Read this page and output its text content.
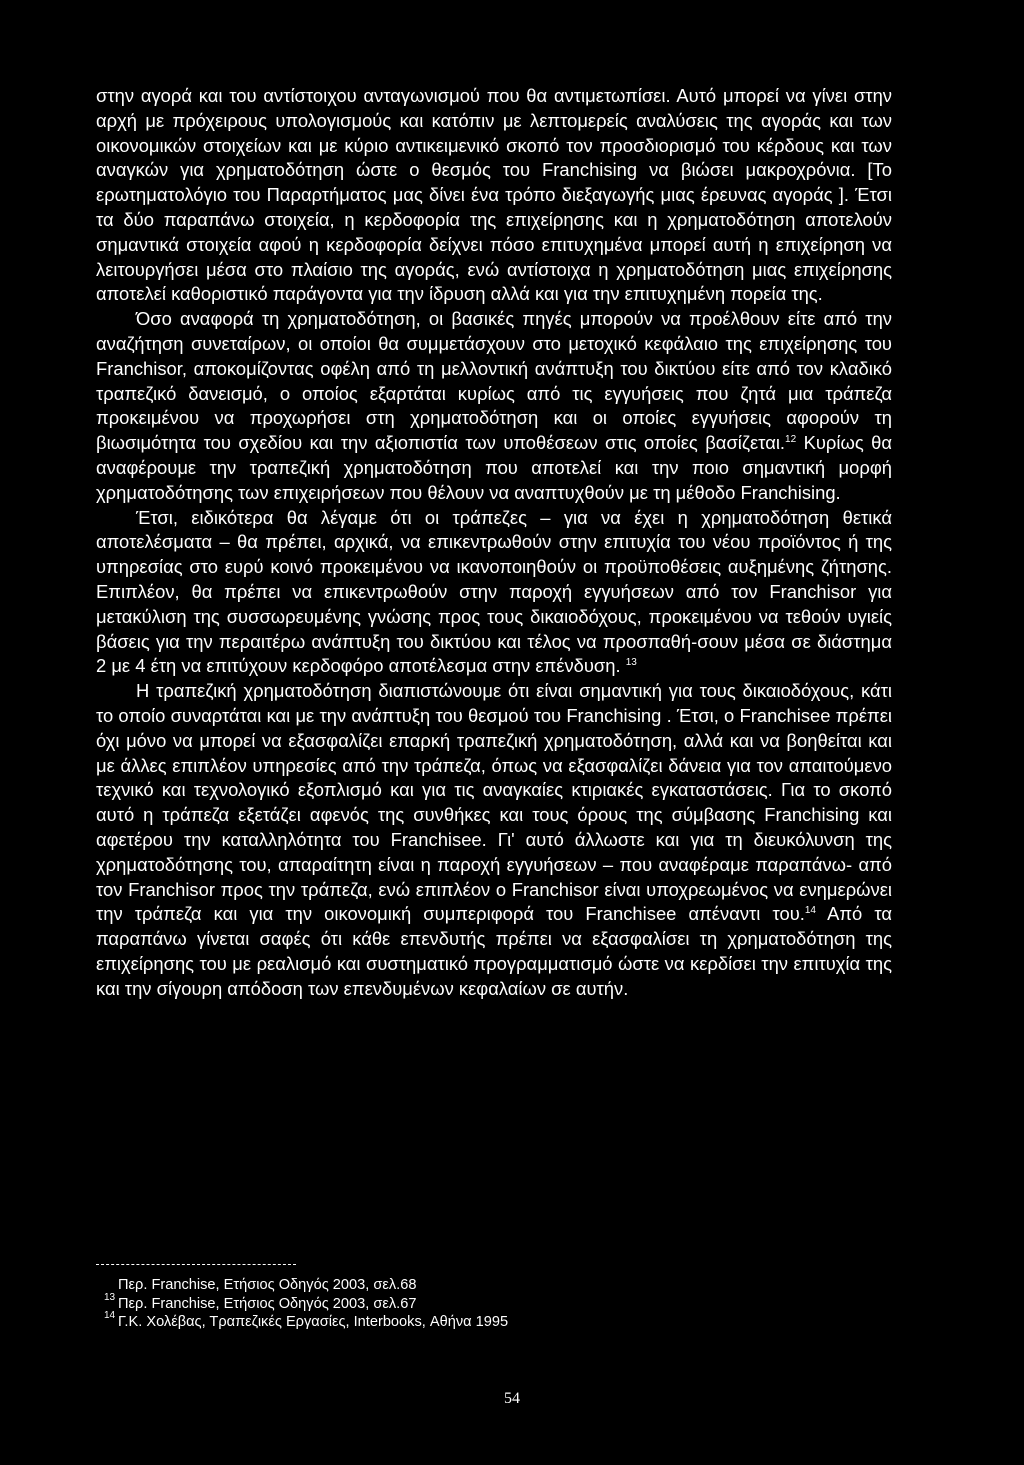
στην αγορά και του αντίστοιχου ανταγωνισμού που θα αντιμετωπίσει. Αυτό μπορεί να γίνει στην αρχή με πρόχειρους υπολογισμούς και κατόπιν με λεπτομερείς αναλύσεις της αγοράς και των οικονομικών στοιχείων και με κύριο αντικειμενικό σκοπό τον προσδιορισμό του κέρδους και των αναγκών για χρηματοδότηση ώστε ο θεσμός του Franchising να βιώσει μακροχρόνια. [Το ερωτηματολόγιο του Παραρτήματος μας δίνει ένα τρόπο διεξαγωγής μιας έρευνας αγοράς ]. Έτσι τα δύο παραπάνω στοιχεία, η κερδοφορία της επιχείρησης και η χρηματοδότηση αποτελούν σημαντικά στοιχεία αφού η κερδοφορία δείχνει πόσο επιτυχημένα μπορεί αυτή η επιχείρηση να λειτουργήσει μέσα στο πλαίσιο της αγοράς, ενώ αντίστοιχα η χρηματοδότηση μιας επιχείρησης αποτελεί καθοριστικό παράγοντα για την ίδρυση αλλά και για την επιτυχημένη πορεία της.

Όσο αναφορά τη χρηματοδότηση, οι βασικές πηγές μπορούν να προέλθουν είτε από την αναζήτηση συνεταίρων, οι οποίοι θα συμμετάσχουν στο μετοχικό κεφάλαιο της επιχείρησης του Franchisor, αποκομίζοντας οφέλη από τη μελλοντική ανάπτυξη του δικτύου είτε από τον κλαδικό τραπεζικό δανεισμό, ο οποίος εξαρτάται κυρίως από τις εγγυήσεις που ζητά μια τράπεζα προκειμένου να προχωρήσει στη χρηματοδότηση και οι οποίες εγγυήσεις αφορούν τη βιωσιμότητα του σχεδίου και την αξιοπιστία των υποθέσεων στις οποίες βασίζεται.$^{12}$ Κυρίως θα αναφέρουμε την τραπεζική χρηματοδότηση που αποτελεί και την ποιο σημαντική μορφή χρηματοδότησης των επιχειρήσεων που θέλουν να αναπτυχθούν με τη μέθοδο Franchising.

Έτσι, ειδικότερα θα λέγαμε ότι οι τράπεζες – για να έχει η χρηματοδότηση θετικά αποτελέσματα – θα πρέπει, αρχικά, να επικεντρωθούν στην επιτυχία του νέου προϊόντος ή της υπηρεσίας στο ευρύ κοινό προκειμένου να ικανοποιηθούν οι προϋποθέσεις αυξημένης ζήτησης. Επιπλέον, θα πρέπει να επικεντρωθούν στην παροχή εγγυήσεων από τον Franchisor για μετακύλιση της συσσωρευμένης γνώσης προς τους δικαιοδόχους, προκειμένου να τεθούν υγιείς βάσεις για την περαιτέρω ανάπτυξη του δικτύου και τέλος να προσπαθή-σουν μέσα σε διάστημα 2 με 4 έτη να επιτύχουν κερδοφόρο αποτέλεσμα στην επένδυση. $^{13}$

Η τραπεζική χρηματοδότηση διαπιστώνουμε ότι είναι σημαντική για τους δικαιοδόχους, κάτι το οποίο συναρτάται και με την ανάπτυξη του θεσμού του Franchising . Έτσι, ο Franchisee πρέπει όχι μόνο να μπορεί να εξασφαλίζει επαρκή τραπεζική χρηματοδότηση, αλλά και να βοηθείται και με άλλες επιπλέον υπηρεσίες από την τράπεζα, όπως να εξασφαλίζει δάνεια για τον απαιτούμενο τεχνικό και τεχνολογικό εξοπλισμό και για τις αναγκαίες κτιριακές εγκαταστάσεις. Για το σκοπό αυτό η τράπεζα εξετάζει αφενός της συνθήκες και τους όρους της σύμβασης Franchising και αφετέρου την καταλληλότητα του Franchisee. Γι' αυτό άλλωστε και για τη διευκόλυνση της χρηματοδότησης του, απαραίτητη είναι η παροχή εγγυήσεων – που αναφέραμε παραπάνω- από τον Franchisor προς την τράπεζα, ενώ επιπλέον ο Franchisor είναι υποχρεωμένος να ενημερώνει την τράπεζα και για την οικονομική συμπεριφορά του Franchisee απέναντι του.$^{14}$ Από τα παραπάνω γίνεται σαφές ότι κάθε επενδυτής πρέπει να εξασφαλίσει τη χρηματοδότηση της επιχείρησης του με ρεαλισμό και συστηματικό προγραμματισμό ώστε να κερδίσει την επιτυχία της και την σίγουρη απόδοση των επενδυμένων κεφαλαίων σε αυτήν.

Περ. Franchise, Ετήσιος Οδηγός 2003, σελ.68
13 Περ. Franchise, Ετήσιος Οδηγός 2003, σελ.67
14 Γ.Κ. Χολέβας, Τραπεζικές Εργασίες, Interbooks, Αθήνα 1995
54
